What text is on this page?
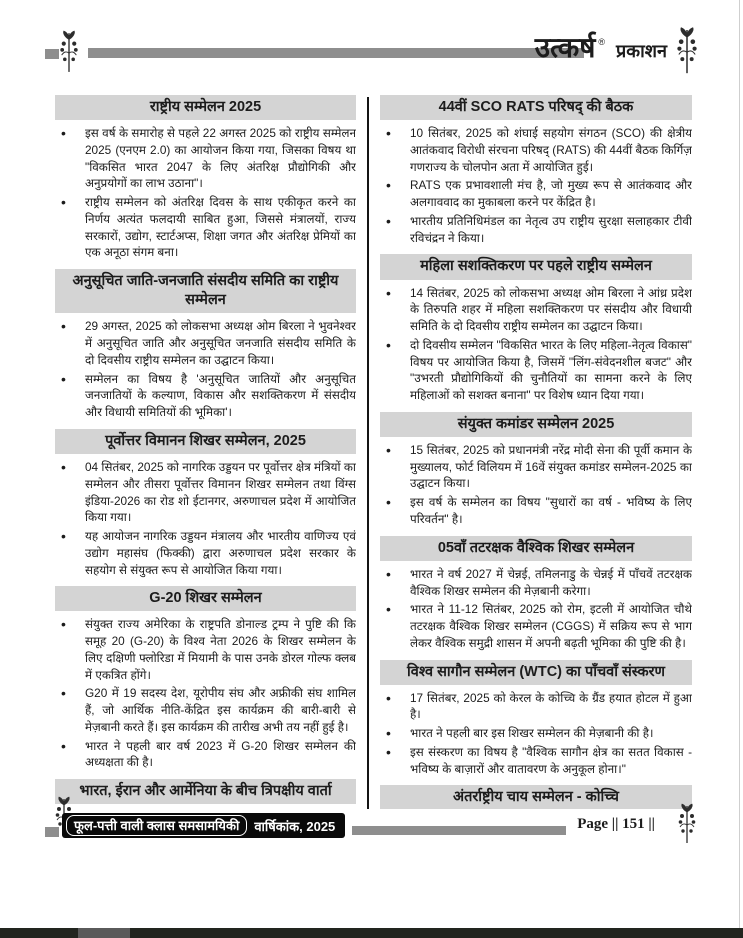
उत्कर्ष ® प्रकाशन
राष्ट्रीय सम्मेलन 2025
• इस वर्ष के समारोह से पहले 22 अगस्त 2025 को राष्ट्रीय सम्मेलन 2025 (एनएम 2.0) का आयोजन किया गया, जिसका विषय था "विकसित भारत 2047 के लिए अंतरिक्ष प्रौद्योगिकी और अनुप्रयोगों का लाभ उठाना"।
• राष्ट्रीय सम्मेलन को अंतरिक्ष दिवस के साथ एकीकृत करने का निर्णय अत्यंत फलदायी साबित हुआ, जिससे मंत्रालयों, राज्य सरकारों, उद्योग, स्टार्टअप्स, शिक्षा जगत और अंतरिक्ष प्रेमियों का एक अनूठा संगम बना।
अनुसूचित जाति-जनजाति संसदीय समिति का राष्ट्रीय सम्मेलन
• 29 अगस्त, 2025 को लोकसभा अध्यक्ष ओम बिरला ने भुवनेश्वर में अनुसूचित जाति और अनुसूचित जनजाति संसदीय समिति के दो दिवसीय राष्ट्रीय सम्मेलन का उद्घाटन किया।
• सम्मेलन का विषय है 'अनुसूचित जातियों और अनुसूचित जनजातियों के कल्याण, विकास और सशक्तिकरण में संसदीय और विधायी समितियों की भूमिका'।
पूर्वोत्तर विमानन शिखर सम्मेलन, 2025
• 04 सितंबर, 2025 को नागरिक उड्डयन पर पूर्वोत्तर क्षेत्र मंत्रियों का सम्मेलन और तीसरा पूर्वोत्तर विमानन शिखर सम्मेलन तथा विंग्स इंडिया-2026 का रोड शो ईटानगर, अरुणाचल प्रदेश में आयोजित किया गया।
• यह आयोजन नागरिक उड्डयन मंत्रालय और भारतीय वाणिज्य एवं उद्योग महासंघ (फिक्की) द्वारा अरुणाचल प्रदेश सरकार के सहयोग से संयुक्त रूप से आयोजित किया गया।
G-20 शिखर सम्मेलन
• संयुक्त राज्य अमेरिका के राष्ट्रपति डोनाल्ड ट्रम्प ने पुष्टि की कि समूह 20 (G-20) के विश्व नेता 2026 के शिखर सम्मेलन के लिए दक्षिणी फ्लोरिडा में मियामी के पास उनके डोरल गोल्फ क्लब में एकत्रित होंगे।
• G20 में 19 सदस्य देश, यूरोपीय संघ और अफ्रीकी संघ शामिल हैं, जो आर्थिक नीति-केंद्रित इस कार्यक्रम की बारी-बारी से मेज़बानी करते हैं। इस कार्यक्रम की तारीख अभी तय नहीं हुई है।
• भारत ने पहली बार वर्ष 2023 में G-20 शिखर सम्मेलन की अध्यक्षता की है।
भारत, ईरान और आर्मेनिया के बीच त्रिपक्षीय वार्ता
44वीं SCO RATS परिषद् की बैठक
• 10 सितंबर, 2025 को शंघाई सहयोग संगठन (SCO) की क्षेत्रीय आतंकवाद विरोधी संरचना परिषद् (RATS) की 44वीं बैठक किर्गिज़ गणराज्य के चोलपोन अता में आयोजित हुई।
• RATS एक प्रभावशाली मंच है, जो मुख्य रूप से आतंकवाद और अलगाववाद का मुकाबला करने पर केंद्रित है।
• भारतीय प्रतिनिधिमंडल का नेतृत्व उप राष्ट्रीय सुरक्षा सलाहकार टीवी रविचंद्रन ने किया।
महिला सशक्तिकरण पर पहले राष्ट्रीय सम्मेलन
• 14 सितंबर, 2025 को लोकसभा अध्यक्ष ओम बिरला ने आंध्र प्रदेश के तिरुपति शहर में महिला सशक्तिकरण पर संसदीय और विधायी समिति के दो दिवसीय राष्ट्रीय सम्मेलन का उद्घाटन किया।
• दो दिवसीय सम्मेलन "विकसित भारत के लिए महिला-नेतृत्व विकास" विषय पर आयोजित किया है, जिसमें "लिंग-संवेदनशील बजट" और "उभरती प्रौद्योगिकियों की चुनौतियों का सामना करने के लिए महिलाओं को सशक्त बनाना" पर विशेष ध्यान दिया गया।
संयुक्त कमांडर सम्मेलन 2025
• 15 सितंबर, 2025 को प्रधानमंत्री नरेंद्र मोदी सेना की पूर्वी कमान के मुख्यालय, फोर्ट विलियम में 16वें संयुक्त कमांडर सम्मेलन-2025 का उद्घाटन किया।
• इस वर्ष के सम्मेलन का विषय "सुधारों का वर्ष - भविष्य के लिए परिवर्तन" है।
05वाँ तटरक्षक वैश्विक शिखर सम्मेलन
• भारत ने वर्ष 2027 में चेन्नई, तमिलनाडु के चेन्नई में पाँचवें तटरक्षक वैश्विक शिखर सम्मेलन की मेज़बानी करेगा।
• भारत ने 11-12 सितंबर, 2025 को रोम, इटली में आयोजित चौथे तटरक्षक वैश्विक शिखर सम्मेलन (CGGS) में सक्रिय रूप से भाग लेकर वैश्विक समुद्री शासन में अपनी बढ़ती भूमिका की पुष्टि की है।
विश्व सागौन सम्मेलन (WTC) का पाँचवाँ संस्करण
• 17 सितंबर, 2025 को केरल के कोच्चि के ग्रैंड हयात होटल में हुआ है।
• भारत ने पहली बार इस शिखर सम्मेलन की मेज़बानी की है।
• इस संस्करण का विषय है "वैश्विक सागौन क्षेत्र का सतत विकास - भविष्य के बाज़ारों और वातावरण के अनुकूल होना।"
अंतर्राष्ट्रीय चाय सम्मेलन - कोच्चि
फूल-पत्ती वाली क्लास समसामयिकी	वार्षिकांक, 2025	Page || 151 ||
